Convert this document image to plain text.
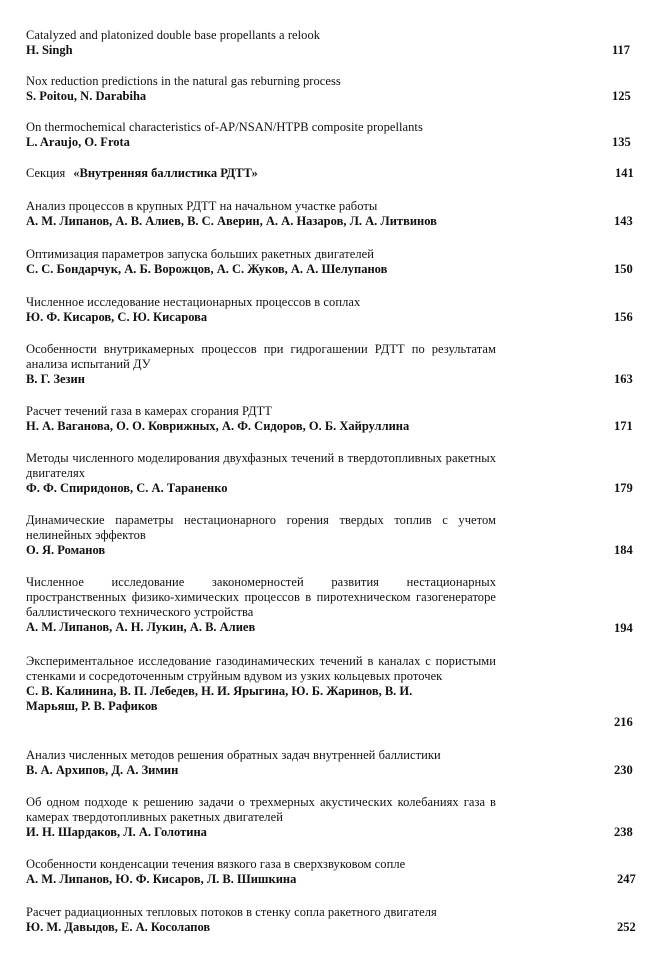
Catalyzed and platonized double base propellants a relook
H. Singh	117
Nox reduction predictions in the natural gas reburning process
S. Poitou, N. Darabiha	125
On thermochemical characteristics of-AP/NSAN/HTPB composite propellants
L. Araujo, O. Frota	135
Секция «Внутренняя баллистика РДТТ»	141
Анализ процессов в крупных РДТТ на начальном участке работы
А. М. Липанов, А. В. Алиев, В. С. Аверин, А. А. Назаров, Л. А. Литвинов	143
Оптимизация параметров запуска больших ракетных двигателей
С. С. Бондарчук, А. Б. Ворожцов, А. С. Жуков, А. А. Шелупанов	150
Численное исследование нестационарных процессов в соплах
Ю. Ф. Кисаров, С. Ю. Кисарова	156
Особенности внутрикамерных процессов при гидрогашении РДТТ по результатам анализа испытаний ДУ
В. Г. Зезин	163
Расчет течений газа в камерах сгорания РДТТ
Н. А. Ваганова, О. О. Коврижных, А. Ф. Сидоров, О. Б. Хайруллина	171
Методы численного моделирования двухфазных течений в твердотопливных ракетных двигателях
Ф. Ф. Спиридонов, С. А. Тараненко	179
Динамические параметры нестационарного горения твердых топлив с учетом нелинейных эффектов
О. Я. Романов	184
Численное исследование закономерностей развития нестационарных пространственных физико-химических процессов в пиротехническом газогенераторе баллистического технического устройства
А. М. Липанов, А. Н. Лукин, А. В. Алиев	194
Экспериментальное исследование газодинамических течений в каналах с пористыми стенками и сосредоточенным струйным вдувом из узких кольцевых проточек
С. В. Калинина, В. П. Лебедев, Н. И. Ярыгина, Ю. Б. Жаринов, В. И. Марьяш, Р. В. Рафиков
216
Анализ численных методов решения обратных задач внутренней баллистики
В. А. Архипов, Д. А. Зимин	230
Об одном подходе к решению задачи о трехмерных акустических колебаниях газа в камерах твердотопливных ракетных двигателей
И. Н. Шардаков, Л. А. Голотина	238
Особенности конденсации течения вязкого газа в сверхзвуковом сопле
А. М. Липанов, Ю. Ф. Кисаров, Л. В. Шишкина	247
Расчет радиационных тепловых потоков в стенку сопла ракетного двигателя
Ю. М. Давыдов, Е. А. Косолапов	252
